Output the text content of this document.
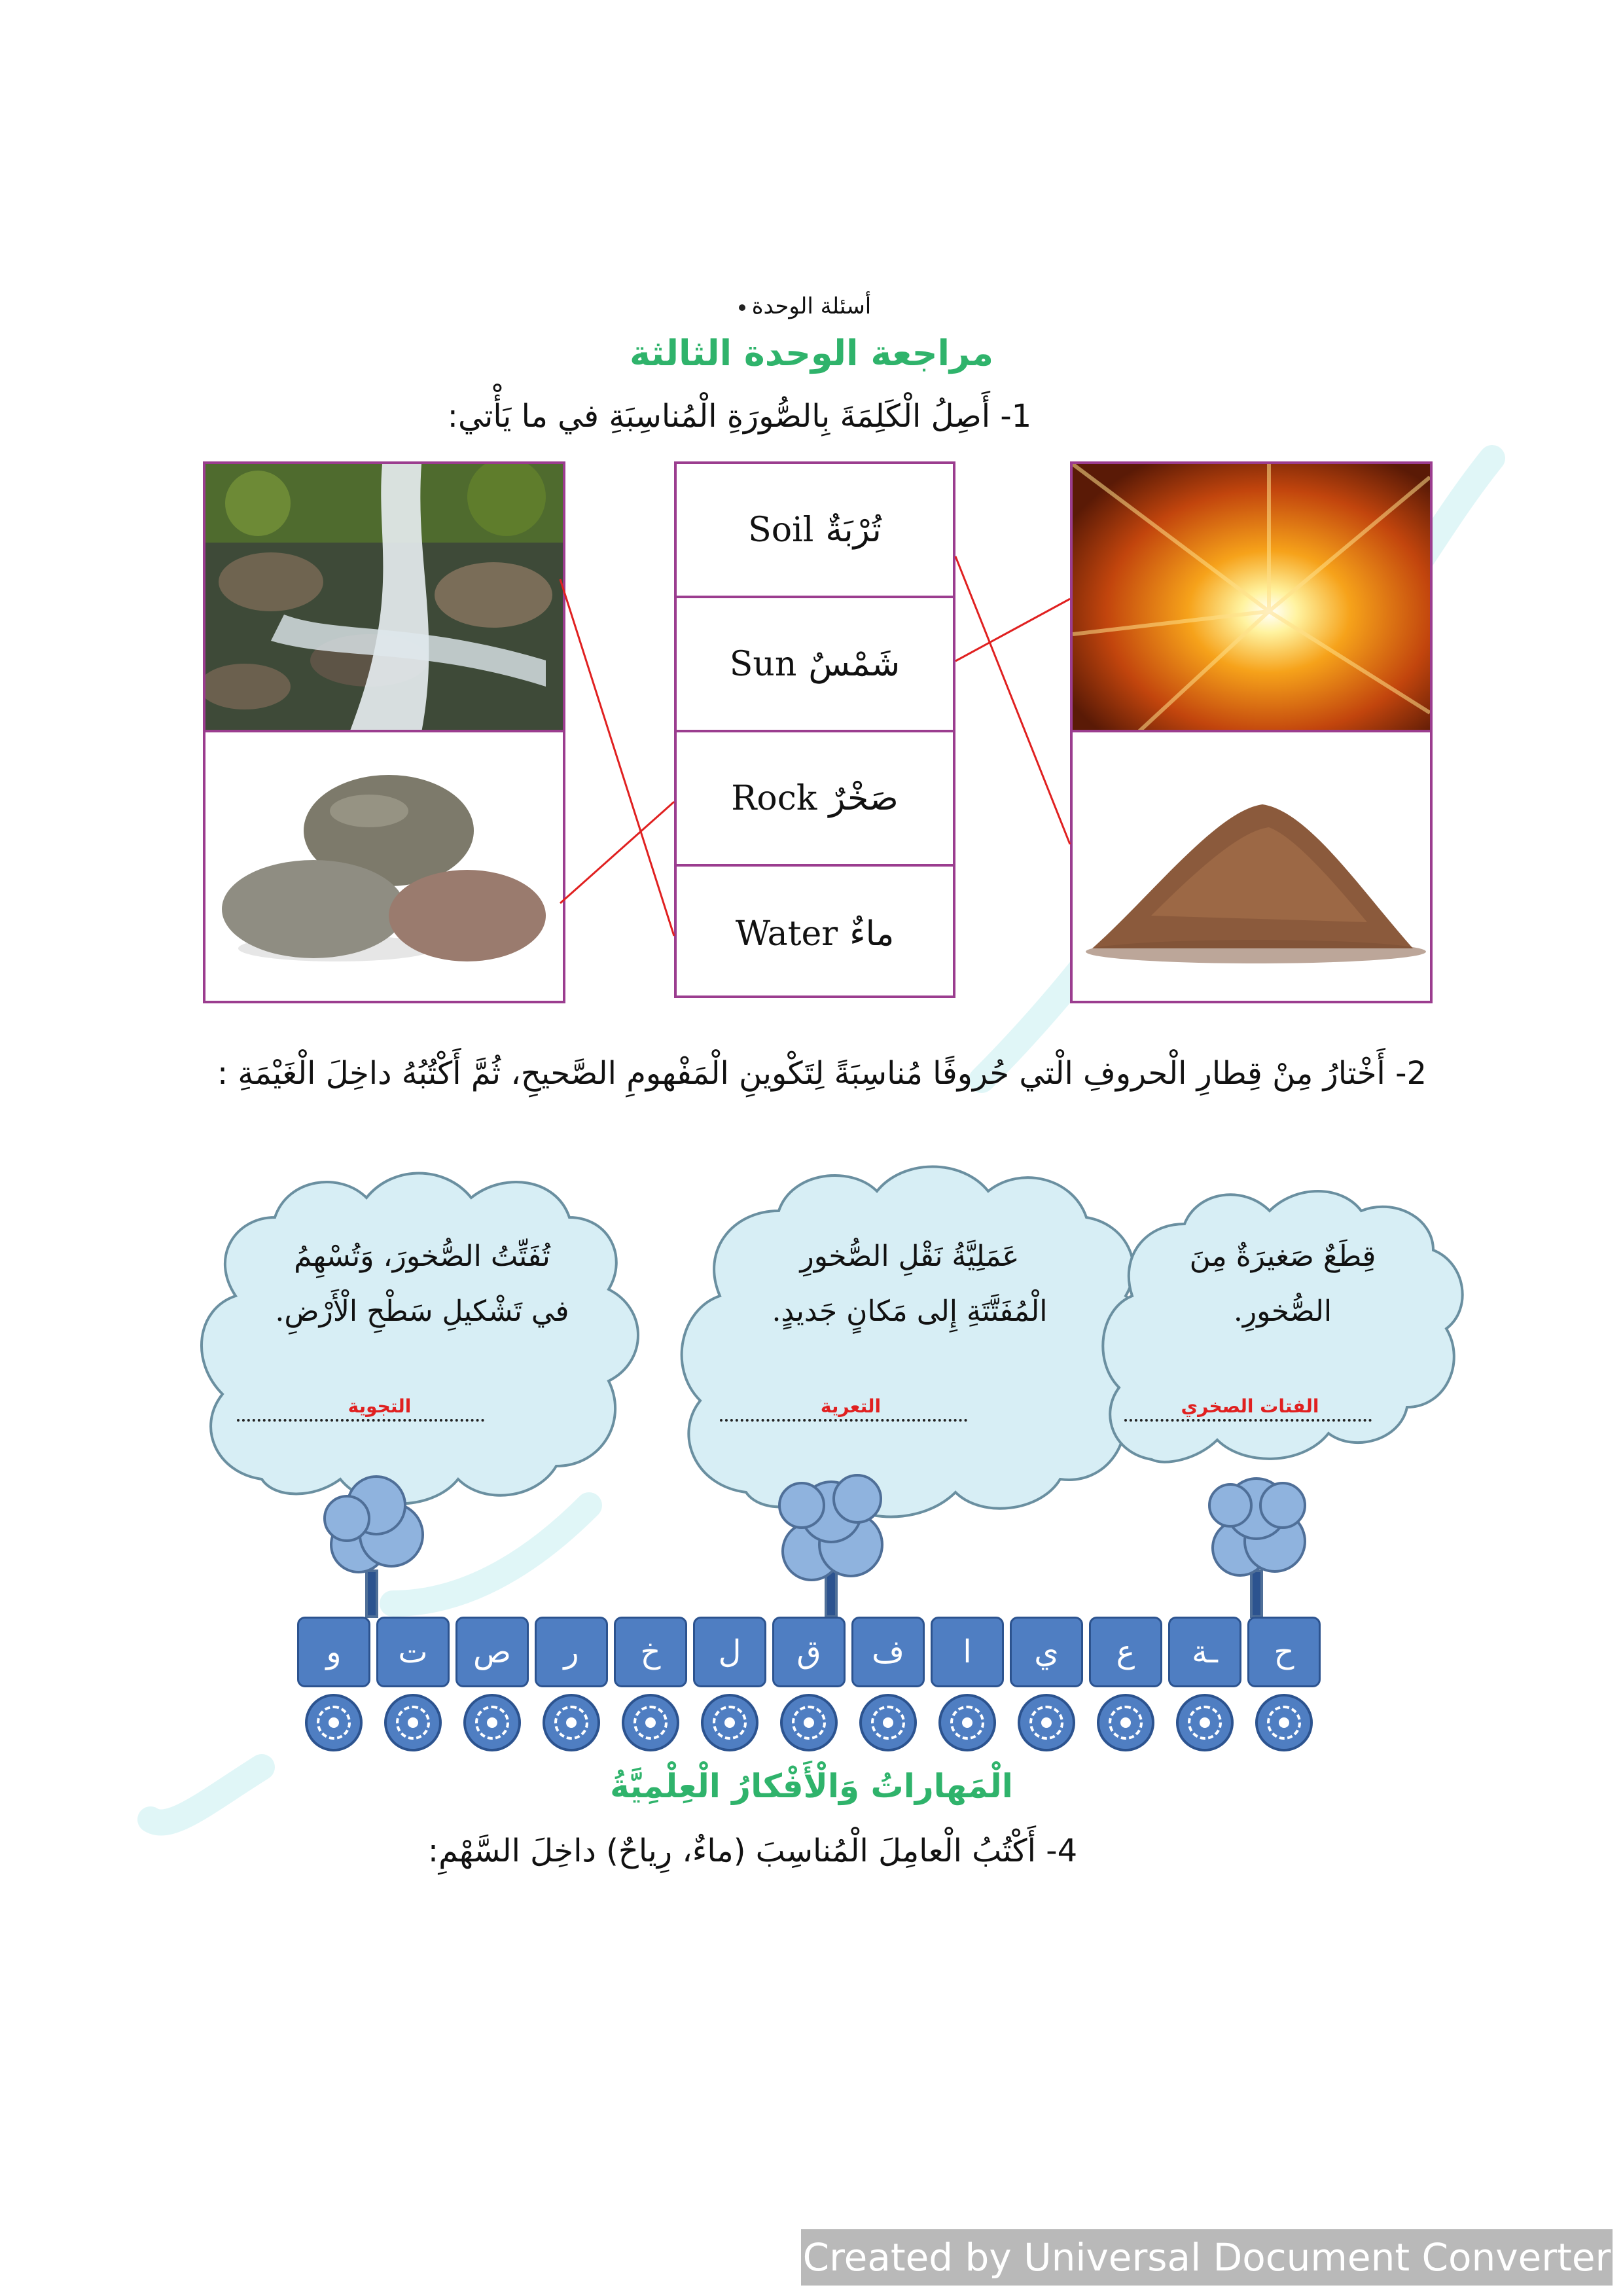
أسئلة الوحدة
مراجعة الوحدة الثالثة
1- أَصِلُ الْكَلِمَةَ بِالصُّورَةِ الْمُناسِبَةِ في ما يَأْتي:
Soil تُرْبَةٌ
Sun شَمْسٌ
Rock صَخْرٌ
Water ماءٌ
2- أَخْتارُ مِنْ قِطارِ الْحروفِ الْتي حُروفًا مُناسِبَةً لِتَكْوينِ الْمَفْهومِ الصَّحيحِ، ثُمَّ أَكْتُبُهُ داخِلَ الْغَيْمَةِ :
تُفَتِّتُ الصُّخورَ، وَتُسْهِمُ
في تَشْكيلِ سَطْحِ الْأَرْضِ.
التجوية
عَمَلِيَّةُ نَقْلِ الصُّخورِ
الْمُفَتَّتَةِ إِلى مَكانٍ جَديدٍ.
التعرية
قِطَعٌ صَغيرَةٌ مِنَ
الصُّخورِ.
الفتات الصخري
و	ت	ص	ر	خ	ل	ق	ف	ا	ي	ع	ـة	ح
الْمَهاراتُ وَالْأَفْكارُ الْعِلْمِيَّةُ
4- أَكْتُبُ الْعامِلَ الْمُناسِبَ (ماءٌ، رِياحٌ) داخِلَ السَّهْمِ:
Created by Universal Document Converter
